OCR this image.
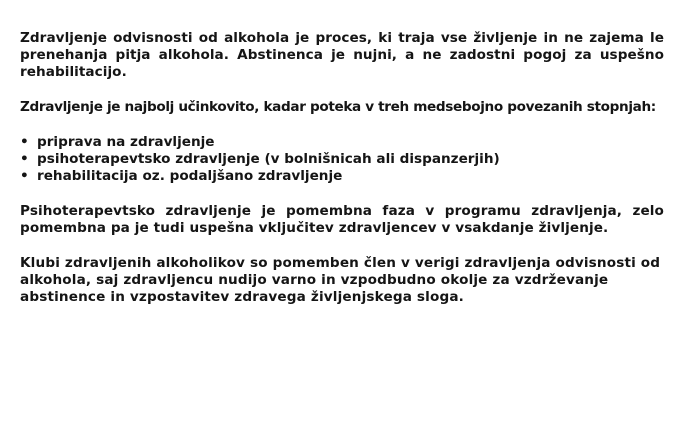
Zdravljenje odvisnosti od alkohola je proces, ki traja vse življenje in ne zajema le prenehanja pitja alkohola. Abstinenca je nujni, a ne zadostni pogoj za uspešno rehabilitacijo.

Zdravljenje je najbolj učinkovito, kadar poteka v treh medsebojno povezanih stopnjah:

• priprava na zdravljenje
• psihoterapevtsko zdravljenje (v bolnišnicah ali dispanzerjih)
• rehabilitacija oz. podaljšano zdravljenje

Psihoterapevtsko zdravljenje je pomembna faza v programu zdravljenja, zelo pomembna pa je tudi uspešna vključitev zdravljencev v vsakdanje življenje.

Klubi zdravljenih alkoholikov so pomemben člen v verigi zdravljenja odvisnosti od alkohola, saj zdravljencu nudijo varno in vzpodbudno okolje za vzdrževanje abstinence in vzpostavitev zdravega življenjskega sloga.
